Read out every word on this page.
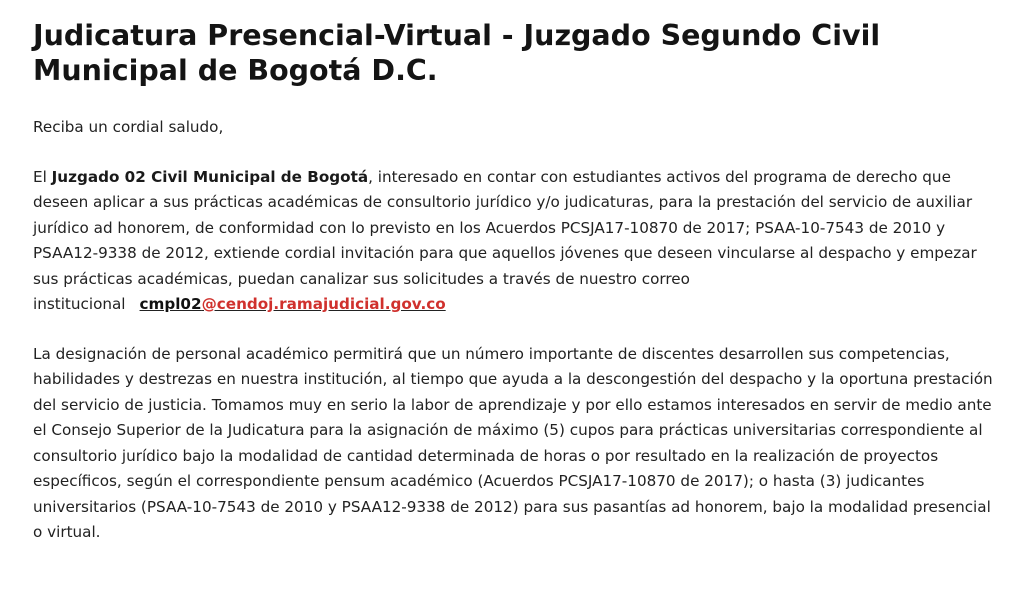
Judicatura Presencial-Virtual - Juzgado Segundo Civil Municipal de Bogotá D.C.

Reciba un cordial saludo,

El Juzgado 02 Civil Municipal de Bogotá, interesado en contar con estudiantes activos del programa de derecho que deseen aplicar a sus prácticas académicas de consultorio jurídico y/o judicaturas, para la prestación del servicio de auxiliar jurídico ad honorem, de conformidad con lo previsto en los Acuerdos PCSJA17-10870 de 2017; PSAA-10-7543 de 2010 y PSAA12-9338 de 2012, extiende cordial invitación para que aquellos jóvenes que deseen vincularse al despacho y empezar sus prácticas académicas, puedan canalizar sus solicitudes a través de nuestro correo institucional cmpl02@cendoj.ramajudicial.gov.co

La designación de personal académico permitirá que un número importante de discentes desarrollen sus competencias, habilidades y destrezas en nuestra institución, al tiempo que ayuda a la descongestión del despacho y la oportuna prestación del servicio de justicia. Tomamos muy en serio la labor de aprendizaje y por ello estamos interesados en servir de medio ante el Consejo Superior de la Judicatura para la asignación de máximo (5) cupos para prácticas universitarias correspondiente al consultorio jurídico bajo la modalidad de cantidad determinada de horas o por resultado en la realización de proyectos específicos, según el correspondiente pensum académico (Acuerdos PCSJA17-10870 de 2017); o hasta (3) judicantes universitarios (PSAA-10-7543 de 2010 y PSAA12-9338 de 2012) para sus pasantías ad honorem, bajo la modalidad presencial o virtual.
